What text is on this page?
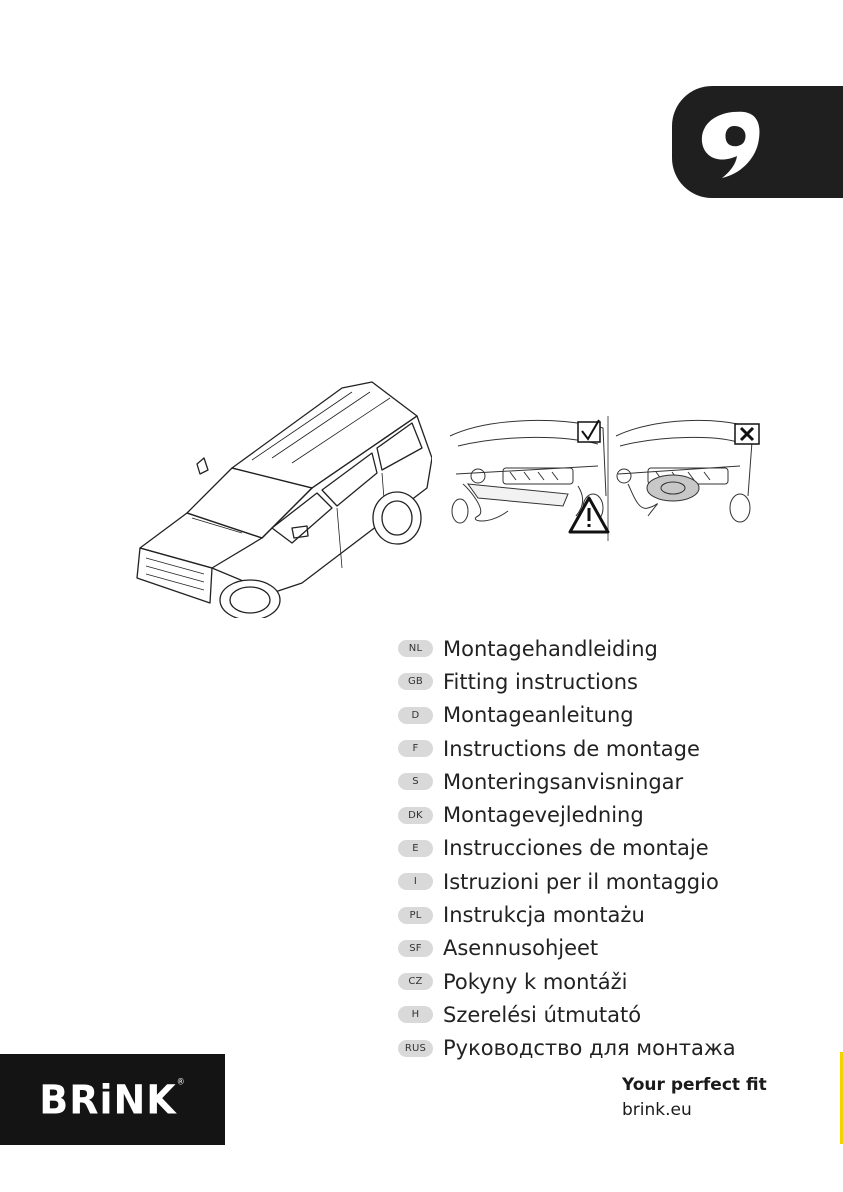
NL Montagehandleiding
GB Fitting instructions
D	Montageanleitung
F	Instructions de montage
S	Monteringsanvisningar
DK Montagevejledning
E	Instrucciones de montaje
I	Istruzioni per il montaggio
PL	Instrukcja montażu
SF	Asennusohjeet
CZ Pokyny k montáži
H	Szerelési útmutató
RUS Руководство для монтажа
BRiNK®	Your perfect fit
brink.eu
